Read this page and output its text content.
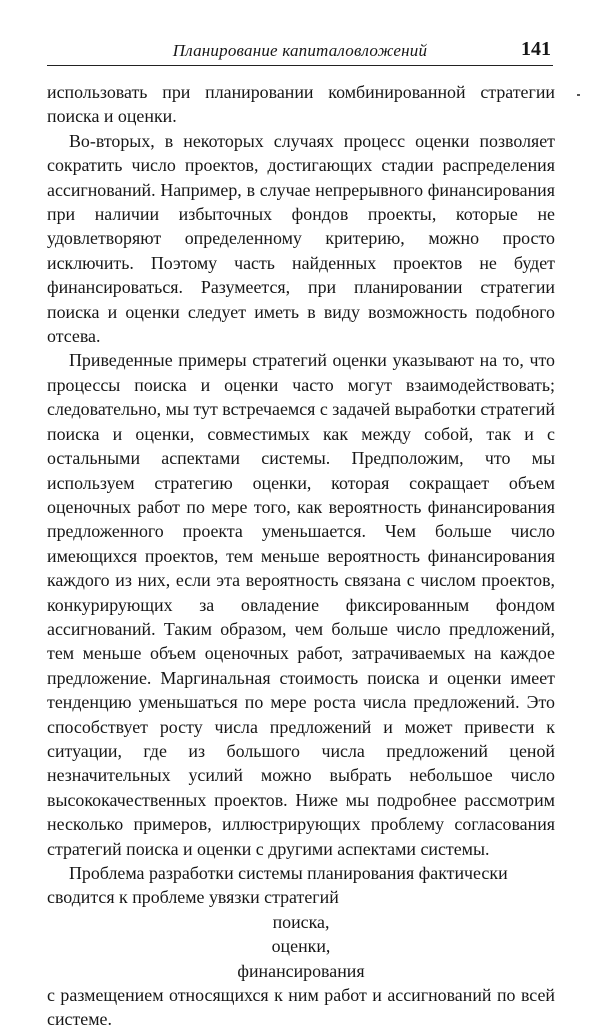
Планирование капиталовложений	141

использовать при планировании комбинированной стратегии поиска и оценки.

Во-вторых, в некоторых случаях процесс оценки позволяет сократить число проектов, достигающих стадии распределения ассигнований. Например, в случае непрерывного финансирования при наличии избыточных фондов проекты, которые не удовлетворяют определенному критерию, можно просто исключить. Поэтому часть найденных проектов не будет финансироваться. Разумеется, при планировании стратегии поиска и оценки следует иметь в виду возможность подобного отсева.

Приведенные примеры стратегий оценки указывают на то, что процессы поиска и оценки часто могут взаимодействовать; следовательно, мы тут встречаемся с задачей выработки стратегий поиска и оценки, совместимых как между собой, так и с остальными аспектами системы. Предположим, что мы используем стратегию оценки, которая сокращает объем оценочных работ по мере того, как вероятность финансирования предложенного проекта уменьшается. Чем больше число имеющихся проектов, тем меньше вероятность финансирования каждого из них, если эта вероятность связана с числом проектов, конкурирующих за овладение фиксированным фондом ассигнований. Таким образом, чем больше число предложений, тем меньше объем оценочных работ, затрачиваемых на каждое предложение. Маргинальная стоимость поиска и оценки имеет тенденцию уменьшаться по мере роста числа предложений. Это способствует росту числа предложений и может привести к ситуации, где из большого числа предложений ценой незначительных усилий можно выбрать небольшое число высококачественных проектов. Ниже мы подробнее рассмотрим несколько примеров, иллюстрирующих проблему согласования стратегий поиска и оценки с другими аспектами системы.

Проблема разработки системы планирования фактически сводится к проблеме увязки стратегий

поиска,

оценки,

финансирования

с размещением относящихся к ним работ и ассигнований по всей системе.
